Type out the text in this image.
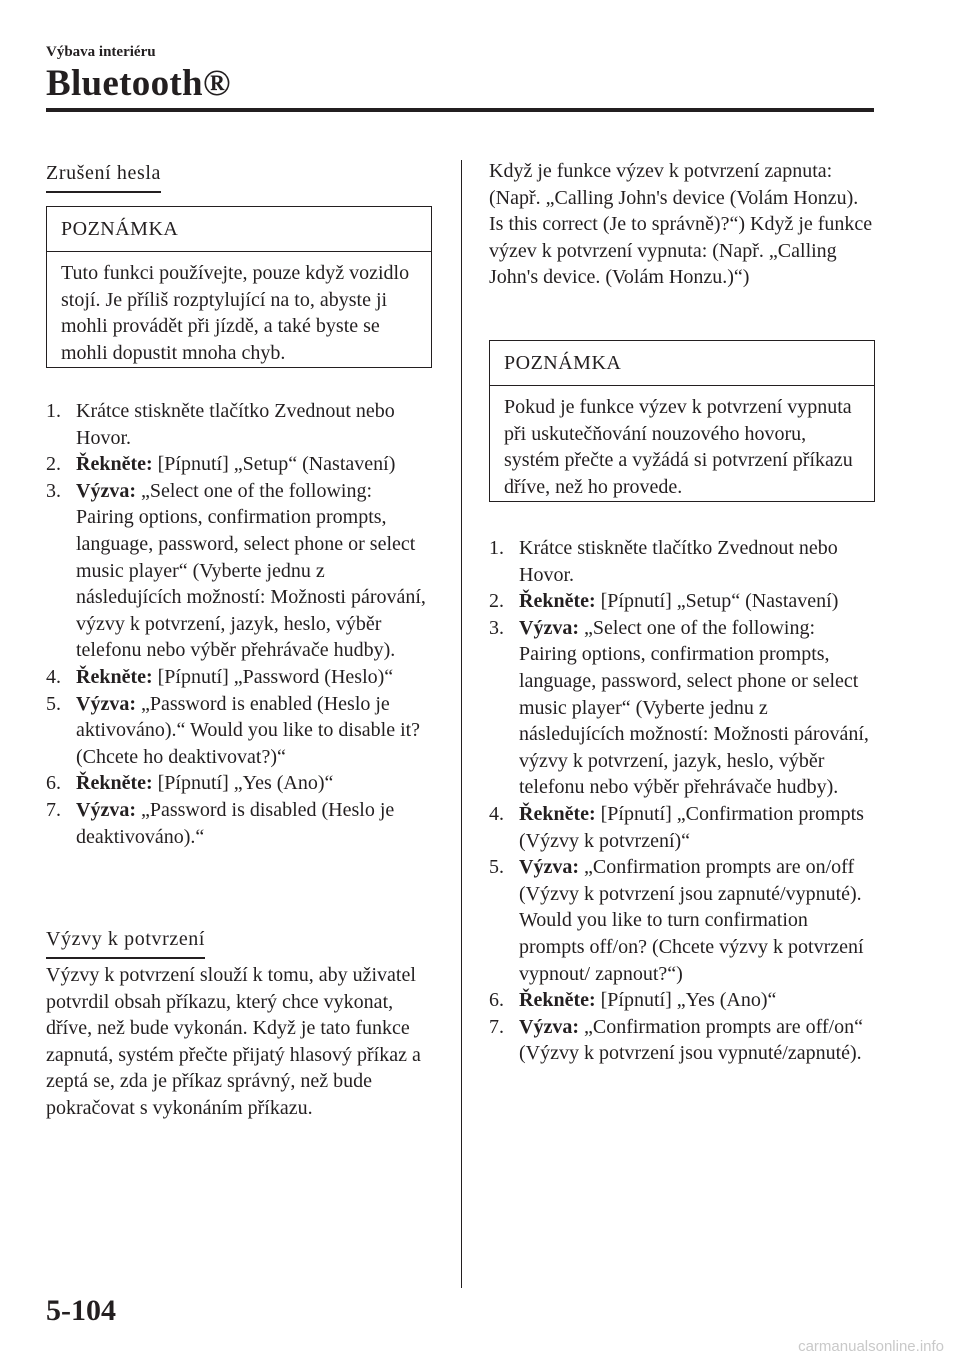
Výbava interiéru
Bluetooth®
Zrušení hesla
POZNÁMKA
Tuto funkci používejte, pouze když vozidlo stojí. Je příliš rozptylující na to, abyste ji mohli provádět při jízdě, a také byste se mohli dopustit mnoha chyb.
1. Krátce stiskněte tlačítko Zvednout nebo Hovor.
2. Řekněte: [Pípnutí] „Setup“ (Nastavení)
3. Výzva: „Select one of the following: Pairing options, confirmation prompts, language, password, select phone or select music player“ (Vyberte jednu z následujících možností: Možnosti párování, výzvy k potvrzení, jazyk, heslo, výběr telefonu nebo výběr přehrávače hudby).
4. Řekněte: [Pípnutí] „Password (Heslo)“
5. Výzva: „Password is enabled (Heslo je aktivováno).“ Would you like to disable it? (Chcete ho deaktivovat?)“
6. Řekněte: [Pípnutí] „Yes (Ano)“
7. Výzva: „Password is disabled (Heslo je deaktivováno).“
Výzvy k potvrzení
Výzvy k potvrzení slouží k tomu, aby uživatel potvrdil obsah příkazu, který chce vykonat, dříve, než bude vykonán. Když je tato funkce zapnutá, systém přečte přijatý hlasový příkaz a zeptá se, zda je příkaz správný, než bude pokračovat s vykonáním příkazu.
Když je funkce výzev k potvrzení zapnuta: (Např. „Calling John's device (Volám Honzu). Is this correct (Je to správně)?“) Když je funkce výzev k potvrzení vypnuta: (Např. „Calling John's device. (Volám Honzu.)“)
POZNÁMKA
Pokud je funkce výzev k potvrzení vypnuta při uskutečňování nouzového hovoru, systém přečte a vyžádá si potvrzení příkazu dříve, než ho provede.
1. Krátce stiskněte tlačítko Zvednout nebo Hovor.
2. Řekněte: [Pípnutí] „Setup“ (Nastavení)
3. Výzva: „Select one of the following: Pairing options, confirmation prompts, language, password, select phone or select music player“ (Vyberte jednu z následujících možností: Možnosti párování, výzvy k potvrzení, jazyk, heslo, výběr telefonu nebo výběr přehrávače hudby).
4. Řekněte: [Pípnutí] „Confirmation prompts (Výzvy k potvrzení)“
5. Výzva: „Confirmation prompts are on/off (Výzvy k potvrzení jsou zapnuté/vypnuté). Would you like to turn confirmation prompts off/on? (Chcete výzvy k potvrzení vypnout/ zapnout?“)
6. Řekněte: [Pípnutí] „Yes (Ano)“
7. Výzva: „Confirmation prompts are off/on“ (Výzvy k potvrzení jsou vypnuté/zapnuté).
5-104
carmanualsonline.info
